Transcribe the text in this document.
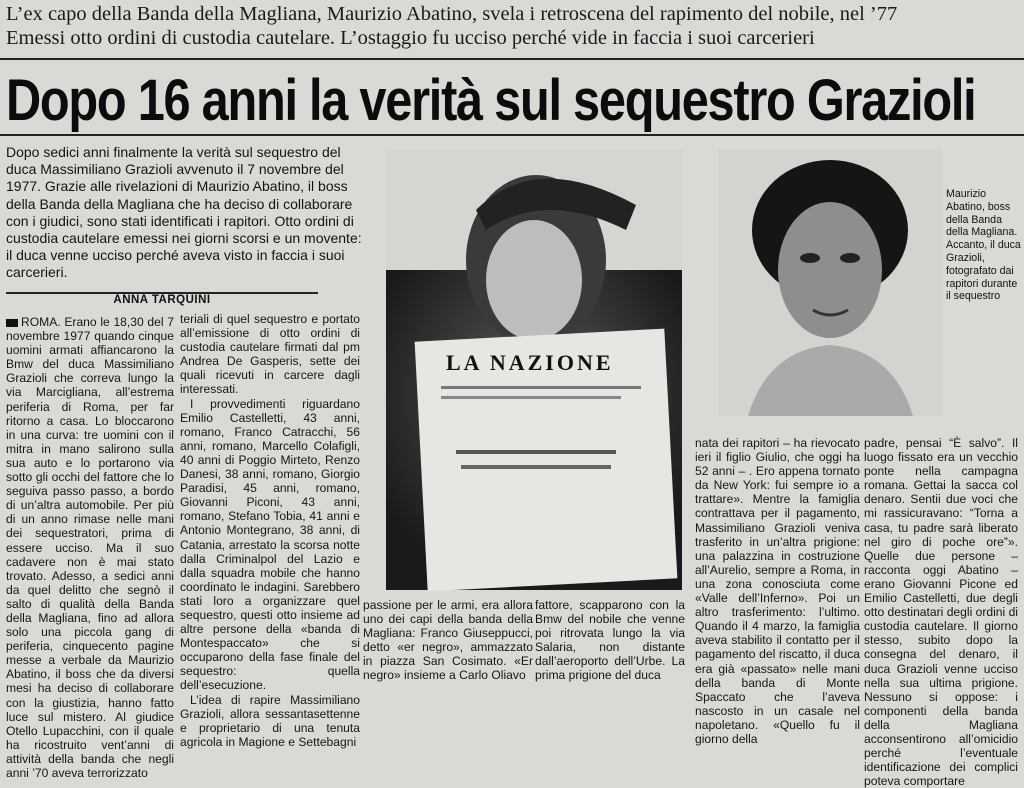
L’ex capo della Banda della Magliana, Maurizio Abatino, svela i retroscena del rapimento del nobile, nel ’77
Emessi otto ordini di custodia cautelare. L’ostaggio fu ucciso perché vide in faccia i suoi carcerieri
Dopo 16 anni la verità sul sequestro Grazioli

Dopo sedici anni finalmente la verità sul sequestro del duca Massimiliano Grazioli avvenuto il 7 novembre del 1977. Grazie alle rivelazioni di Maurizio Abatino, il boss della Banda della Magliana che ha deciso di collaborare con i giudici, sono stati identificati i rapitori. Otto ordini di custodia cautelare emessi nei giorni scorsi e un movente: il duca venne ucciso perché aveva visto in faccia i suoi carcerieri.

ANNA TARQUINI

ROMA. Erano le 18,30 del 7 novembre 1977 quando cinque uomini armati affiancarono la Bmw del duca Massimiliano Grazioli che correva lungo la via Marcigliana, all’estrema periferia di Roma, per far ritorno a casa. Lo bloccarono in una curva: tre uomini con il mitra in mano salirono sulla sua auto e lo portarono via sotto gli occhi del fattore che lo seguiva passo passo, a bordo di un’altra automobile. Per più di un anno rimase nelle mani dei sequestratori, prima di essere ucciso. Ma il suo cadavere non è mai stato trovato. Adesso, a sedici anni da quel delitto che segnò il salto di qualità della Banda della Magliana, fino ad allora solo una piccola gang di periferia, cinquecento pagine messe a verbale da Maurizio Abatino, il boss che da diversi mesi ha deciso di collaborare con la giustizia, hanno fatto luce sul mistero. Al giudice Otello Lupacchini, con il quale ha ricostruito vent’anni di attività della banda che negli anni ’70 aveva terrorizzato

teriali di quel sequestro e portato all’emissione di otto ordini di custodia cautelare firmati dal pm Andrea De Gasperis, sette dei quali ricevuti in carcere dagli interessati.

I provvedimenti riguardano Emilio Castelletti, 43 anni, romano, Franco Catracchi, 56 anni, romano, Marcello Colafigli, 40 anni di Poggio Mirteto, Renzo Danesi, 38 anni, romano, Giorgio Paradisi, 45 anni, romano, Giovanni Piconi, 43 anni, romano, Stefano Tobia, 41 anni e Antonio Montegrano, 38 anni, di Catania, arrestato la scorsa notte dalla Criminalpol del Lazio e dalla squadra mobile che hanno coordinato le indagini. Sarebbero stati loro a organizzare quel sequestro, questi otto insieme ad altre persone della «banda di Montespaccato» che si occuparono della fase finale del sequestro: quella dell’esecuzione.

L’idea di rapire Massimiliano Grazioli, allora sessantasettenne e proprietario di una tenuta agricola in Magione e Settebagni

LA NAZIONE

Maurizio Abatino, boss della Banda della Magliana. Accanto, il duca Grazioli, fotografato dai rapitori durante il sequestro

passione per le armi, era allora uno dei capi della banda della Magliana: Franco Giuseppucci, detto «er negro», ammazzato in piazza San Cosimato. «Er negro» insieme a Carlo Oliavo

fattore, scapparono con la Bmw del nobile che venne poi ritrovata lungo la via Salaria, non distante dall’aeroporto dell’Urbe. La prima prigione del duca

nata dei rapitori – ha rievocato ieri il figlio Giulio, che oggi ha 52 anni – . Ero appena tornato da New York: fui sempre io a trattare». Mentre la famiglia contrattava per il pagamento, Massimiliano Grazioli veniva trasferito in un’altra prigione: una palazzina in costruzione all’Aurelio, sempre a Roma, in una zona conosciuta come «Valle dell’Inferno». Poi un altro trasferimento: l’ultimo. Quando il 4 marzo, la famiglia aveva stabilito il contatto per il pagamento del riscatto, il duca era già «passato» nelle mani della banda di Monte Spaccato che l’aveva nascosto in un casale nel napoletano. «Quello fu il giorno della

padre, pensai “È salvo”. Il luogo fissato era un vecchio ponte nella campagna romana. Gettai la sacca col denaro. Sentii due voci che mi rassicuravano: “Torna a casa, tu padre sarà liberato nel giro di poche ore”». Quelle due persone – racconta oggi Abatino – erano Giovanni Picone ed Emilio Castelletti, due degli otto destinatari degli ordini di custodia cautelare. Il giorno stesso, subito dopo la consegna del denaro, il duca Grazioli venne ucciso nella sua ultima prigione. Nessuno si oppose: i componenti della banda della Magliana acconsentirono all’omicidio perché l’eventuale identificazione dei complici poteva comportare
